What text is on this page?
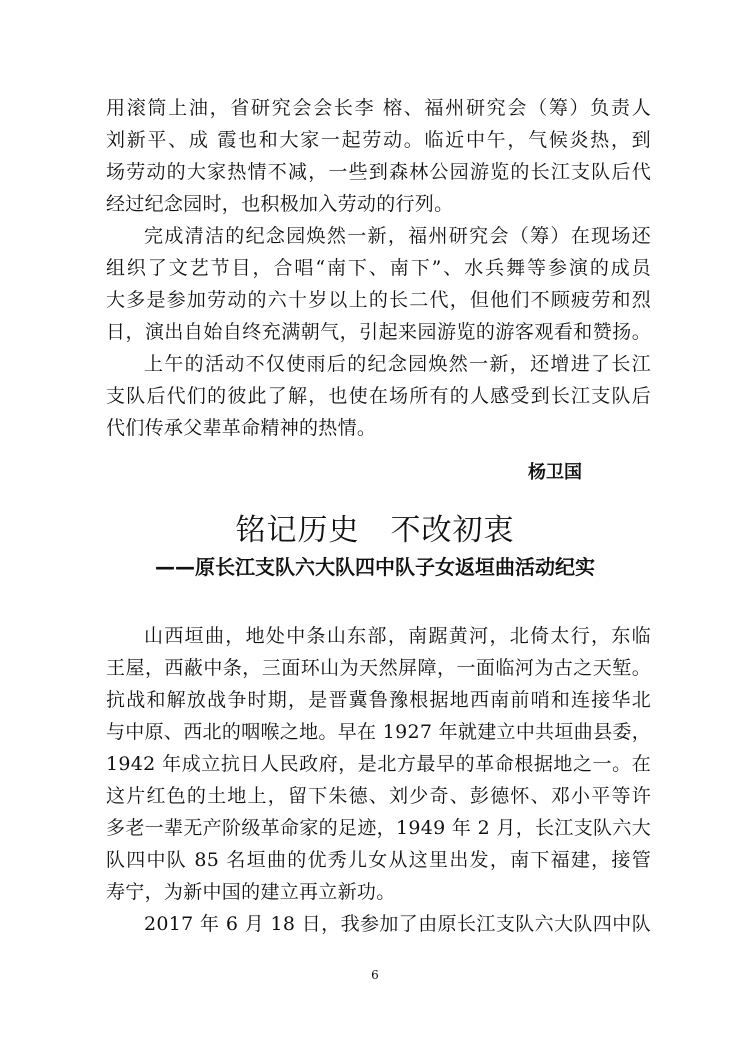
用滚筒上油，省研究会会长李 榕、福州研究会（筹）负责人
刘新平、成 霞也和大家一起劳动。临近中午，气候炎热，到
场劳动的大家热情不减，一些到森林公园游览的长江支队后代
经过纪念园时，也积极加入劳动的行列。
完成清洁的纪念园焕然一新，福州研究会（筹）在现场还
组织了文艺节目，合唱“南下、南下”、水兵舞等参演的成员
大多是参加劳动的六十岁以上的长二代，但他们不顾疲劳和烈
日，演出自始自终充满朝气，引起来园游览的游客观看和赞扬。
上午的活动不仅使雨后的纪念园焕然一新，还增进了长江
支队后代们的彼此了解，也使在场所有的人感受到长江支队后
代们传承父辈革命精神的热情。
杨卫国
铭记历史　不改初衷
——原长江支队六大队四中队子女返垣曲活动纪实
山西垣曲，地处中条山东部，南踞黄河，北倚太行，东临
王屋，西蔽中条，三面环山为天然屏障，一面临河为古之天堑。
抗战和解放战争时期，是晋冀鲁豫根据地西南前哨和连接华北
与中原、西北的咽喉之地。早在 1927 年就建立中共垣曲县委，
1942 年成立抗日人民政府，是北方最早的革命根据地之一。在
这片红色的土地上，留下朱德、刘少奇、彭德怀、邓小平等许
多老一辈无产阶级革命家的足迹，1949 年 2 月，长江支队六大
队四中队 85 名垣曲的优秀儿女从这里出发，南下福建，接管
寿宁，为新中国的建立再立新功。
2017 年 6 月 18 日，我参加了由原长江支队六大队四中队
6
